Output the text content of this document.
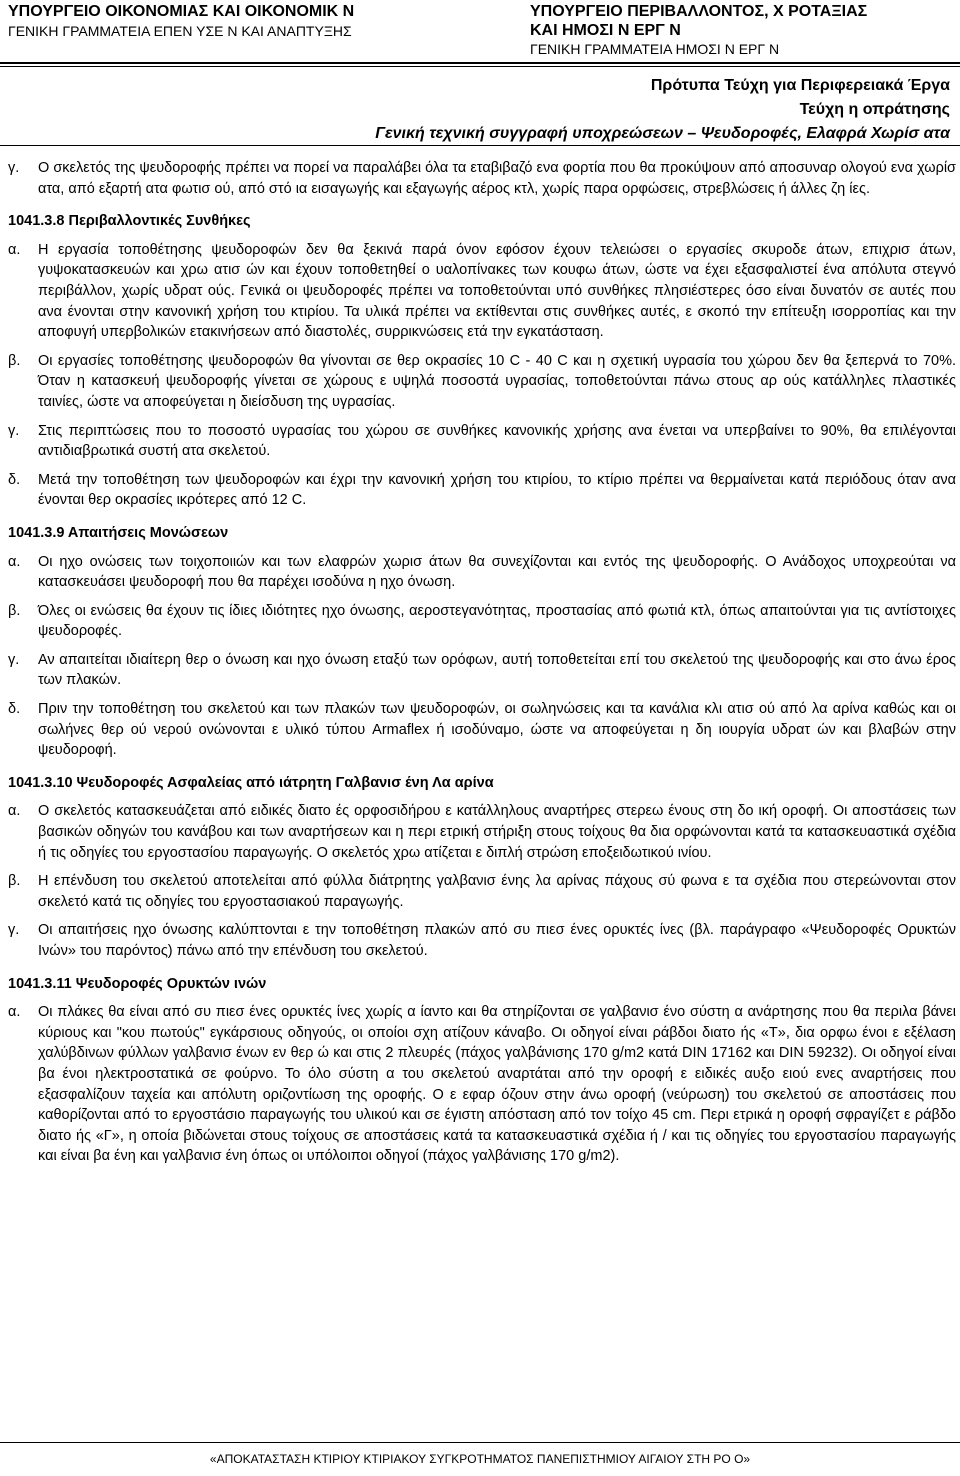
ΥΠΟΥΡΓΕΙΟ ΟΙΚΟΝΟΜΙΑΣ ΚΑΙ ΟΙΚΟΝΟΜΙΚ Ν
ΓΕΝΙΚΗ ΓΡΑΜΜΑΤΕΙΑ ΕΠΕΝ ΥΣΕ Ν ΚΑΙ ΑΝΑΠΤΥΞΗΣ
ΥΠΟΥΡΓΕΙΟ ΠΕΡΙΒΑΛΛΟΝΤΟΣ, Χ ΡΟΤΑΞΙΑΣ
ΚΑΙ ΗΜΟΣΙ Ν ΕΡΓ Ν
ΓΕΝΙΚΗ ΓΡΑΜΜΑΤΕΙΑ ΗΜΟΣΙ Ν ΕΡΓ Ν
Πρότυπα Τεύχη για Περιφερειακά Έργα
Τεύχη η οπράτησης
Γενική τεχνική συγγραφή υποχρεώσεων – Ψευδοροφές, Ελαφρά Χωρίσ ατα
γ. Ο σκελετός της ψευδοροφής πρέπει να πορεί να παραλάβει όλα τα εταβιβαζό ενα φορτία που θα προκύψουν από αποσυναρ ολογού ενα χωρίσ ατα, από εξαρτή ατα φωτισ ού, από στό ια εισαγωγής και εξαγωγής αέρος κτλ, χωρίς παρα ορφώσεις, στρεβλώσεις ή άλλες ζη ίες.
1041.3.8 Περιβαλλοντικές Συνθήκες
α. Η εργασία τοποθέτησης ψευδοροφών δεν θα ξεκινά παρά όνον εφόσον έχουν τελειώσει ο εργασίες σκυροδε άτων, επιχρισ άτων, γυψοκατασκευών και χρω ατισ ών και έχουν τοποθετηθεί ο υαλοπίνακες των κουφω άτων, ώστε να έχει εξασφαλιστεί ένα απόλυτα στεγνό περιβάλλον, χωρίς υδρατ ούς. Γενικά οι ψευδοροφές πρέπει να τοποθετούνται υπό συνθήκες πλησιέστερες όσο είναι δυνατόν σε αυτές που ανα ένονται στην κανονική χρήση του κτιρίου. Τα υλικά πρέπει να εκτίθενται στις συνθήκες αυτές, ε σκοπό την επίτευξη ισορροπίας και την αποφυγή υπερβολικών ετακινήσεων από διαστολές, συρρικνώσεις ετά την εγκατάσταση.
β. Οι εργασίες τοποθέτησης ψευδοροφών θα γίνονται σε θερ οκρασίες 10 C - 40 C και η σχετική υγρασία του χώρου δεν θα ξεπερνά το 70%. Όταν η κατασκευή ψευδοροφής γίνεται σε χώρους ε υψηλά ποσοστά υγρασίας, τοποθετούνται πάνω στους αρ ούς κατάλληλες πλαστικές ταινίες, ώστε να αποφεύγεται η διείσδυση της υγρασίας.
γ. Στις περιπτώσεις που το ποσοστό υγρασίας του χώρου σε συνθήκες κανονικής χρήσης ανα ένεται να υπερβαίνει το 90%, θα επιλέγονται αντιδιαβρωτικά συστή ατα σκελετού.
δ. Μετά την τοποθέτηση των ψευδοροφών και έχρι την κανονική χρήση του κτιρίου, το κτίριο πρέπει να θερμαίνεται κατά περιόδους όταν ανα ένονται θερ οκρασίες ικρότερες από 12 C.
1041.3.9 Απαιτήσεις Μονώσεων
α. Οι ηχο ονώσεις των τοιχοποιιών και των ελαφρών χωρισ άτων θα συνεχίζονται και εντός της ψευδοροφής. Ο Ανάδοχος υποχρεούται να κατασκευάσει ψευδοροφή που θα παρέχει ισοδύνα η ηχο όνωση.
β. Όλες οι ενώσεις θα έχουν τις ίδιες ιδιότητες ηχο όνωσης, αεροστεγανότητας, προστασίας από φωτιά κτλ, όπως απαιτούνται για τις αντίστοιχες ψευδοροφές.
γ. Αν απαιτείται ιδιαίτερη θερ ο όνωση και ηχο όνωση εταξύ των ορόφων, αυτή τοποθετείται επί του σκελετού της ψευδοροφής και στο άνω έρος των πλακών.
δ. Πριν την τοποθέτηση του σκελετού και των πλακών των ψευδοροφών, οι σωληνώσεις και τα κανάλια κλι ατισ ού από λα αρίνα καθώς και οι σωλήνες θερ ού νερού ονώνονται ε υλικό τύπου Armaflex ή ισοδύναμο, ώστε να αποφεύγεται η δη ιουργία υδρατ ών και βλαβών στην ψευδοροφή.
1041.3.10 Ψευδοροφές Ασφαλείας από ιάτρητη Γαλβανισ ένη Λα αρίνα
α. Ο σκελετός κατασκευάζεται από ειδικές διατο ές ορφοσιδήρου ε κατάλληλους αναρτήρες στερεω ένους στη δο ική οροφή. Οι αποστάσεις των βασικών οδηγών του κανάβου και των αναρτήσεων και η περι ετρική στήριξη στους τοίχους θα δια ορφώνονται κατά τα κατασκευαστικά σχέδια ή τις οδηγίες του εργοστασίου παραγωγής. Ο σκελετός χρω ατίζεται ε διπλή στρώση εποξειδωτικού ινίου.
β. Η επένδυση του σκελετού αποτελείται από φύλλα διάτρητης γαλβανισ ένης λα αρίνας πάχους σύ φωνα ε τα σχέδια που στερεώνονται στον σκελετό κατά τις οδηγίες του εργοστασιακού παραγωγής.
γ. Οι απαιτήσεις ηχο όνωσης καλύπτονται ε την τοποθέτηση πλακών από συ πιεσ ένες ορυκτές ίνες (βλ. παράγραφο «Ψευδοροφές Ορυκτών Ινών» του παρόντος) πάνω από την επένδυση του σκελετού.
1041.3.11 Ψευδοροφές Ορυκτών ινών
α. Οι πλάκες θα είναι από συ πιεσ ένες ορυκτές ίνες χωρίς α ίαντο και θα στηρίζονται σε γαλβανισ ένο σύστη α ανάρτησης που θα περιλα βάνει κύριους και "κου πωτούς" εγκάρσιους οδηγούς, οι οποίοι σχη ατίζουν κάναβο. Οι οδηγοί είναι ράβδοι διατο ής «Τ», δια ορφω ένοι ε εξέλαση χαλύβδινων φύλλων γαλβανισ ένων εν θερ ώ και στις 2 πλευρές (πάχος γαλβάνισης 170 g/m2 κατά DIN 17162 και DIN 59232). Οι οδηγοί είναι βα ένοι ηλεκτροστατικά σε φούρνο. Το όλο σύστη α του σκελετού αναρτάται από την οροφή ε ειδικές αυξο ειού ενες αναρτήσεις που εξασφαλίζουν ταχεία και απόλυτη οριζοντίωση της οροφής. Ο ε εφαρ όζουν στην άνω οροφή (νεύρωση) του σκελετού σε αποστάσεις που καθορίζονται από το εργοστάσιο παραγωγής του υλικού και σε έγιστη απόσταση από τον τοίχο 45 cm. Περι ετρικά η οροφή σφραγίζετ ε ράβδο διατο ής «Γ», η οποία βιδώνεται στους τοίχους σε αποστάσεις κατά τα κατασκευαστικά σχέδια ή / και τις οδηγίες του εργοστασίου παραγωγής και είναι βα ένη και γαλβανισ ένη όπως οι υπόλοιποι οδηγοί (πάχος γαλβάνισης 170 g/m2).
«ΑΠΟΚΑΤΑΣΤΑΣΗ ΚΤΙΡΙΟΥ ΚΤΙΡΙΑΚΟΥ ΣΥΓΚΡΟΤΗΜΑΤΟΣ ΠΑΝΕΠΙΣΤΗΜΙΟΥ ΑΙΓΑΙΟΥ ΣΤΗ ΡΟ Ο»
